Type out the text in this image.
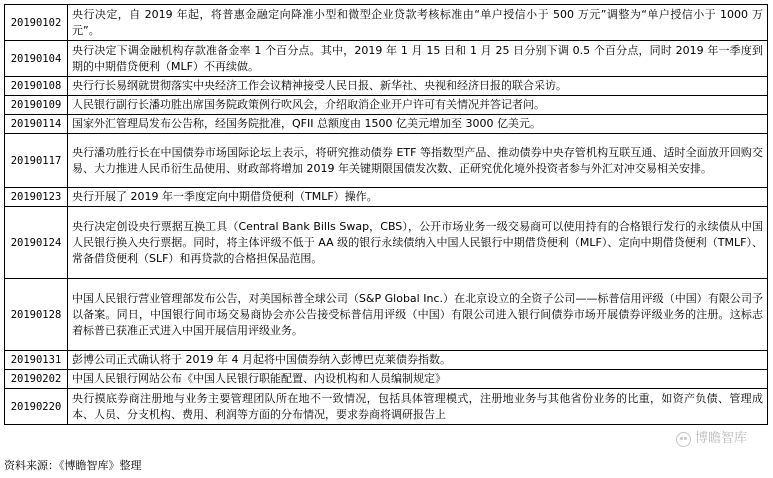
20190102	央行决定，自 2019 年起，将普惠金融定向降准小型和微型企业贷款考核标准由“单户授信小于 500 万元”调整为“单户授信小于 1000 万元”。
20190104	央行决定下调金融机构存款准备金率 1 个百分点。其中，2019 年 1 月 15 日和 1 月 25 日分别下调 0.5 个百分点，同时 2019 年一季度到期的中期借贷便利（MLF）不再续做。
20190108	央行行长易纲就贯彻落实中央经济工作会议精神接受人民日报、新华社、央视和经济日报的联合采访。
20190109	人民银行副行长潘功胜出席国务院政策例行吹风会，介绍取消企业开户许可有关情况并答记者问。
20190114	国家外汇管理局发布公告称，经国务院批准，QFII 总额度由 1500 亿美元增加至 3000 亿美元。
20190117	央行潘功胜行长在中国债券市场国际论坛上表示，将研究推动债券 ETF 等指数型产品、推动债券中央存管机构互联互通、适时全面放开回购交易、大力推进人民币衍生品使用、财政部将增加 2019 年关键期限国债发次数、正研究优化境外投资者参与外汇对冲交易相关安排。
20190123	央行开展了 2019 年一季度定向中期借贷便利（TMLF）操作。
20190124	央行决定创设央行票据互换工具（Central Bank Bills Swap，CBS），公开市场业务一级交易商可以使用持有的合格银行发行的永续债从中国人民银行换入央行票据。同时，将主体评级不低于 AA 级的银行永续债纳入中国人民银行中期借贷便利（MLF）、定向中期借贷便利（TMLF）、常备借贷便利（SLF）和再贷款的合格担保品范围。
20190128	中国人民银行营业管理部发布公告，对美国标普全球公司（S&P Global Inc.）在北京设立的全资子公司——标普信用评级（中国）有限公司予以备案。同日，中国银行间市场交易商协会亦公告接受标普信用评级（中国）有限公司进入银行间债券市场开展债券评级业务的注册。这标志着标普已获准正式进入中国开展信用评级业务。
20190131	彭博公司正式确认将于 2019 年 4 月起将中国债券纳入彭博巴克莱债券指数。
20190202	中国人民银行网站公布《中国人民银行职能配置、内设机构和人员编制规定》
20190220	央行摸底券商注册地与业务主要管理团队所在地不一致情况，包括具体管理模式，注册地业务与其他省份业务的比重，如资产负债、管理成本、人员、分支机构、费用、利润等方面的分布情况，要求券商将调研报告上
博瞻智库
资料来源：《博瞻智库》整理
